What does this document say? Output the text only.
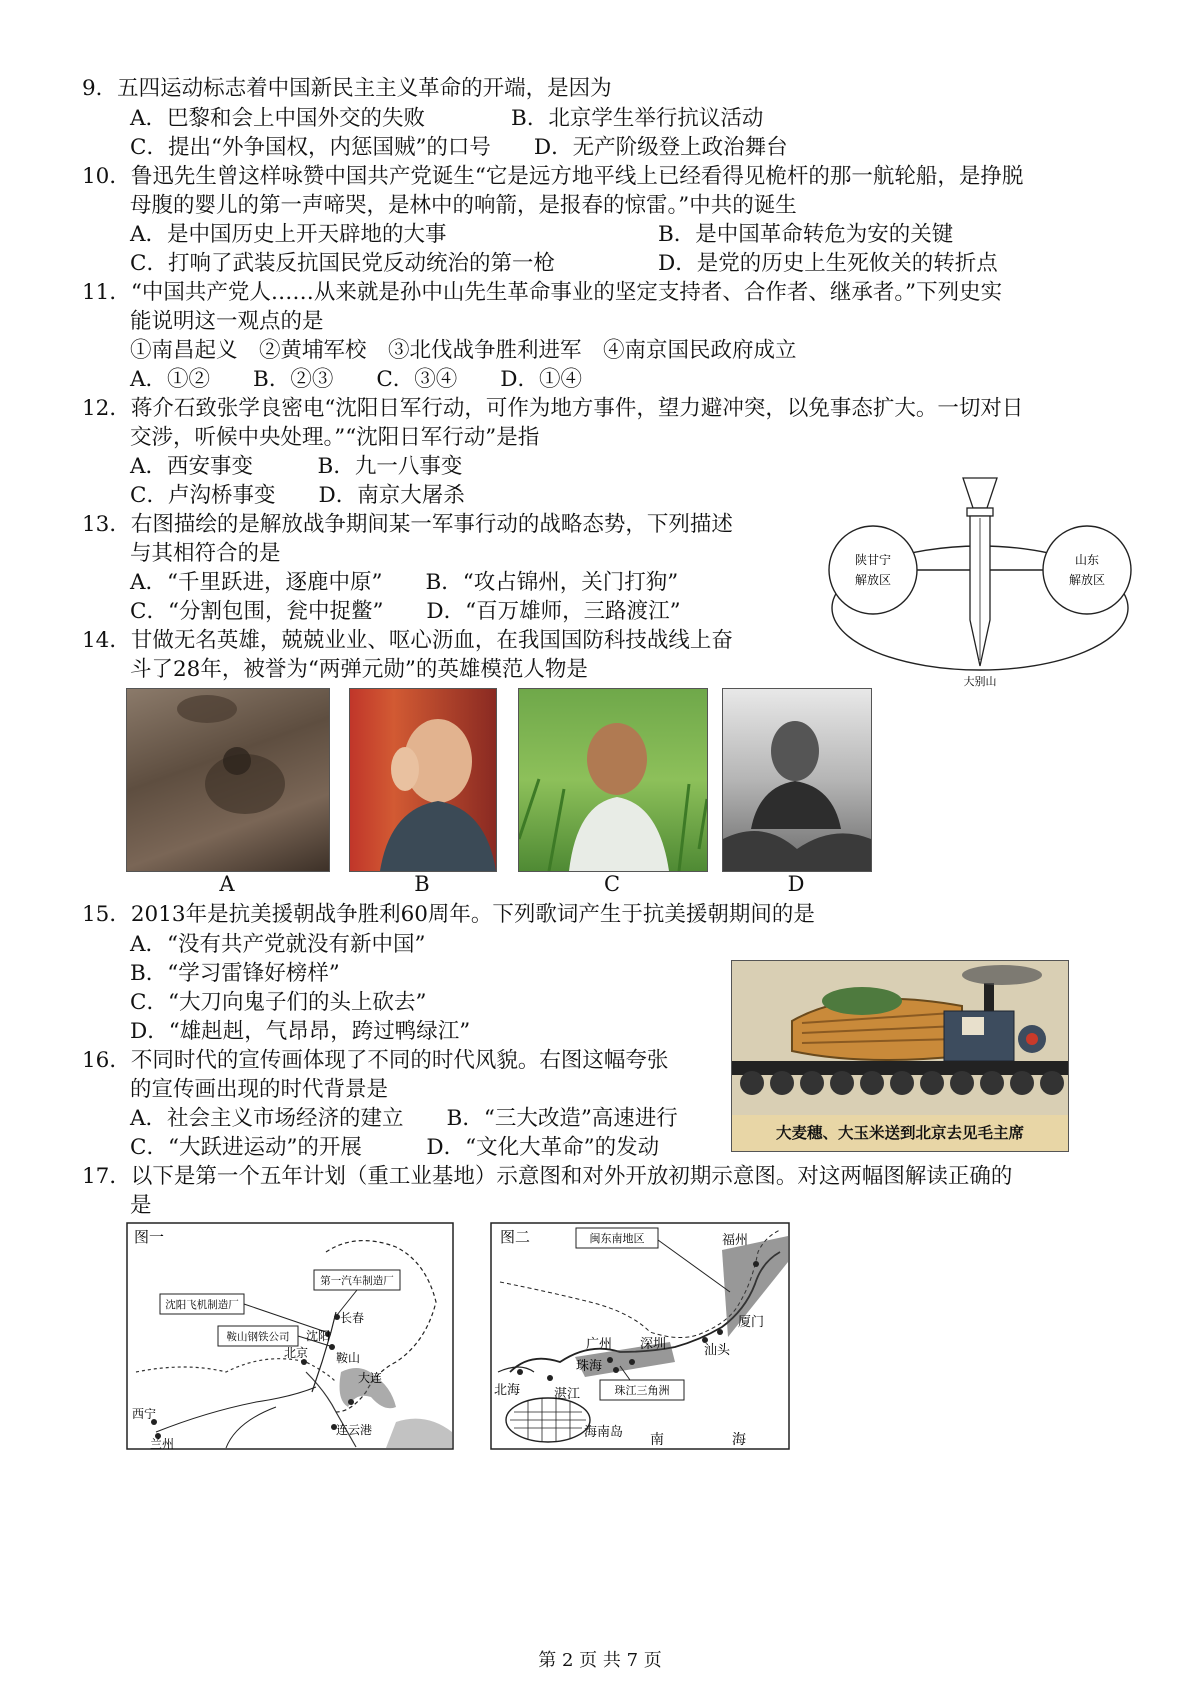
9．五四运动标志着中国新民主主义革命的开端，是因为
A．巴黎和会上中国外交的失败　　　　B．北京学生举行抗议活动
C．提出“外争国权，内惩国贼”的口号　　D．无产阶级登上政治舞台
10．鲁迅先生曾这样咏赞中国共产党诞生“它是远方地平线上已经看得见桅杆的那一航轮船，是挣脱
母腹的婴儿的第一声啼哭，是林中的响箭，是报春的惊雷。”中共的诞生
A．是中国历史上开天辟地的大事	B．是中国革命转危为安的关键
C．打响了武装反抗国民党反动统治的第一枪	D．是党的历史上生死攸关的转折点
11．“中国共产党人……从来就是孙中山先生革命事业的坚定支持者、合作者、继承者。”下列史实
能说明这一观点的是
①南昌起义　②黄埔军校　③北伐战争胜利进军　④南京国民政府成立
A．①②　　B．②③　　C．③④　　D．①④
12．蒋介石致张学良密电“沈阳日军行动，可作为地方事件，望力避冲突，以免事态扩大。一切对日
交涉，听候中央处理。”“沈阳日军行动”是指
A．西安事变　　　B．九一八事变
C．卢沟桥事变　　D．南京大屠杀
陕甘宁
解放区
山东
解放区
大别山
13．右图描绘的是解放战争期间某一军事行动的战略态势，下列描述
与其相符合的是
A．“千里跃进，逐鹿中原”　　B．“攻占锦州，关门打狗”
C．“分割包围，瓮中捉鳖”　　D．“百万雄师，三路渡江”
14．甘做无名英雄，兢兢业业、呕心沥血，在我国国防科技战线上奋
斗了28年，被誉为“两弹元勋”的英雄模范人物是
A	B	C	D
15．2013年是抗美援朝战争胜利60周年。下列歌词产生于抗美援朝期间的是
A．“没有共产党就没有新中国”
B．“学习雷锋好榜样”
C．“大刀向鬼子们的头上砍去”
D．“雄赳赳，气昂昂，跨过鸭绿江”
大麦穗、大玉米送到北京去见毛主席
16．不同时代的宣传画体现了不同的时代风貌。右图这幅夸张
的宣传画出现的时代背景是
A．社会主义市场经济的建立　　B．“三大改造”高速进行
C．“大跃进运动”的开展　　　D．“文化大革命”的发动
17．以下是第一个五年计划（重工业基地）示意图和对外开放初期示意图。对这两幅图解读正确的
是
图一
第一汽车制造厂
沈阳飞机制造厂
鞍山钢铁公司
长春
沈阳
鞍山
北京
大连
西宁
兰州
连云港
图二	闽东南地区	福州
厦门
汕头
广州 深圳
珠海
北海	湛江	珠江三角洲
海南岛 南	海
第 2 页 共 7 页
